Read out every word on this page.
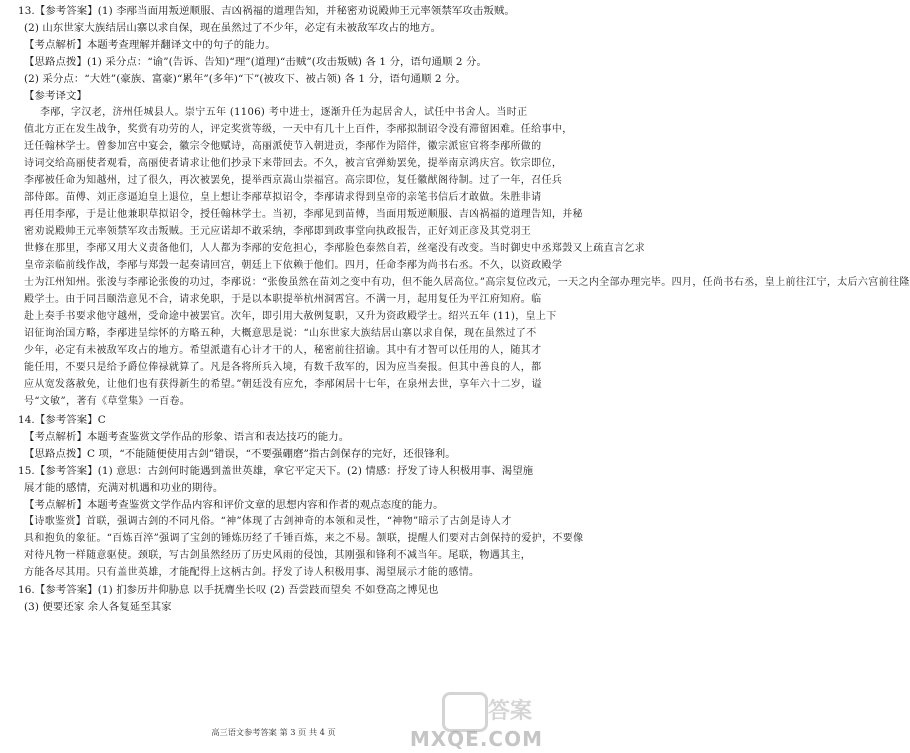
13.【参考答案】(1) 李邴当面用叛逆顺服、吉凶祸福的道理告知，并秘密劝说殿帅王元率领禁军攻击叛贼。
(2) 山东世家大族结居山寨以求自保，现在虽然过了不少年，必定有未被敌军攻占的地方。
【考点解析】本题考查理解并翻译文中的句子的能力。
【思路点拨】(1) 采分点：“谕”(告诉、告知)“理”(道理)“击贼”(攻击叛贼) 各 1 分，语句通顺 2 分。
(2) 采分点：“大姓”(豪族、富豪)“累年”(多年)“下”(被攻下、被占领) 各 1 分，语句通顺 2 分。
【参考译文】
李邴，字汉老，济州任城县人。崇宁五年 (1106) 考中进士，逐渐升任为起居舍人，试任中书舍人。当时正
值北方正在发生战争，奖赏有功劳的人，评定奖赏等级，一天中有几十上百件，李邴拟制诏令没有滞留困难。任给事中，
迁任翰林学士。曾参加宫中宴会，徽宗令他赋诗，高丽派使节入朝进贡，李邴作为陪伴，徽宗派宦官将李邴所做的
诗词交给高丽使者观看，高丽使者请求让他们抄录下来带回去。不久，被言官弹劾罢免，提举南京鸿庆宫。钦宗即位，
李邴被任命为知越州，过了很久，再次被罢免，提举西京嵩山崇福宫。高宗即位，复任徽猷阁待制。过了一年，召任兵
部侍郎。苗傅、刘正彦逼迫皇上退位，皇上想让李邴草拟诏令，李邴请求得到皇帝的亲笔书信后才敢做。朱胜非请
再任用李邴，于是让他兼职草拟诏令，授任翰林学士。当初，李邴见到苗傅，当面用叛逆顺服、吉凶祸福的道理告知，并秘
密劝说殿帅王元率领禁军攻击叛贼。王元应诺却不敢采纳，李邴即到政事堂向执政报告，正好刘正彦及其党羽王
世修在那里，李邴又用大义责备他们，人人都为李邴的安危担心，李邴脸色泰然自若，丝毫没有改变。当时御史中丞郑瑴又上疏直言乞求
皇帝亲临前线作战，李邴与郑瑴一起奏请回宫，朝廷上下依赖于他们。四月，任命李邴为尚书右丞。不久，以资政殿学
士为江州知州。张浚与李邴论张俊的功过，李邴说：“张俊虽然在苗刘之变中有功，但不能久居高位。”高宗复位改元，一天之内全部办理完毕。四月，任尚书右丞，皇上前往江宁，太后六宫前往隆
殿学士。由于同吕颐浩意见不合，请求免职，于是以本职提举杭州洞霄宫。不满一月，起用复任为平江府知府。临
赴上奏手书要求他守越州，受命途中被罢官。次年，即引用大赦例复职，又升为资政殿学士。绍兴五年 (11)，皇上下
诏征询治国方略，李邴进呈综怀的方略五种，大概意思是说：“山东世家大族结居山寨以求自保，现在虽然过了不
少年，必定有未被敌军攻占的地方。希望派遣有心计才干的人，秘密前往招谕。其中有才智可以任用的人，随其才
能任用，不要只是给予爵位俸禄就算了。凡是各将所兵入境，有数千敌军的，因为应当奏报。但其中善良的人，都
应从宽发落赦免，让他们也有获得新生的希望。”朝廷没有应允，李邴闲居十七年，在泉州去世，享年六十二岁，谥
号“文敏”，著有《草堂集》一百卷。
14.【参考答案】C
【考点解析】本题考查鉴赏文学作品的形象、语言和表达技巧的能力。
【思路点拨】C 项，“不能随便使用古剑”错误，“不要强硼磨”指古剑保存的完好，还很锋利。
15.【参考答案】(1) 意思：古剑何时能遇到盖世英雄，拿它平定天下。(2) 情感：抒发了诗人积极用事、渴望施
展才能的感情，充满对机遇和功业的期待。
【考点解析】本题考查鉴赏文学作品内容和评价文章的思想内容和作者的观点态度的能力。
【诗歌鉴赏】首联，强调古剑的不同凡俗。“神”体现了古剑神奇的本领和灵性，“神物”暗示了古剑是诗人才
具和抱负的象征。“百炼百淬”强调了宝剑的锤炼历经了千锤百炼，来之不易。颔联，提醒人们要对古剑保持的爱护，不要像
对待凡物一样随意驱使。颈联，写古剑虽然经历了历史风雨的侵蚀，其刚强和锋利不减当年。尾联，物遇其主，
方能各尽其用。只有盖世英雄，才能配得上这柄古剑。抒发了诗人积极用事、渴望展示才能的感情。
16.【参考答案】(1) 扪参历井仰胁息 以手抚膺坐长叹 (2) 吾尝跂而望矣 不如登高之博见也
(3) 便要还家 余人各复延至其家
高三语文参考答案 第 3 页 共 4 页
答案
MXQE.COM
